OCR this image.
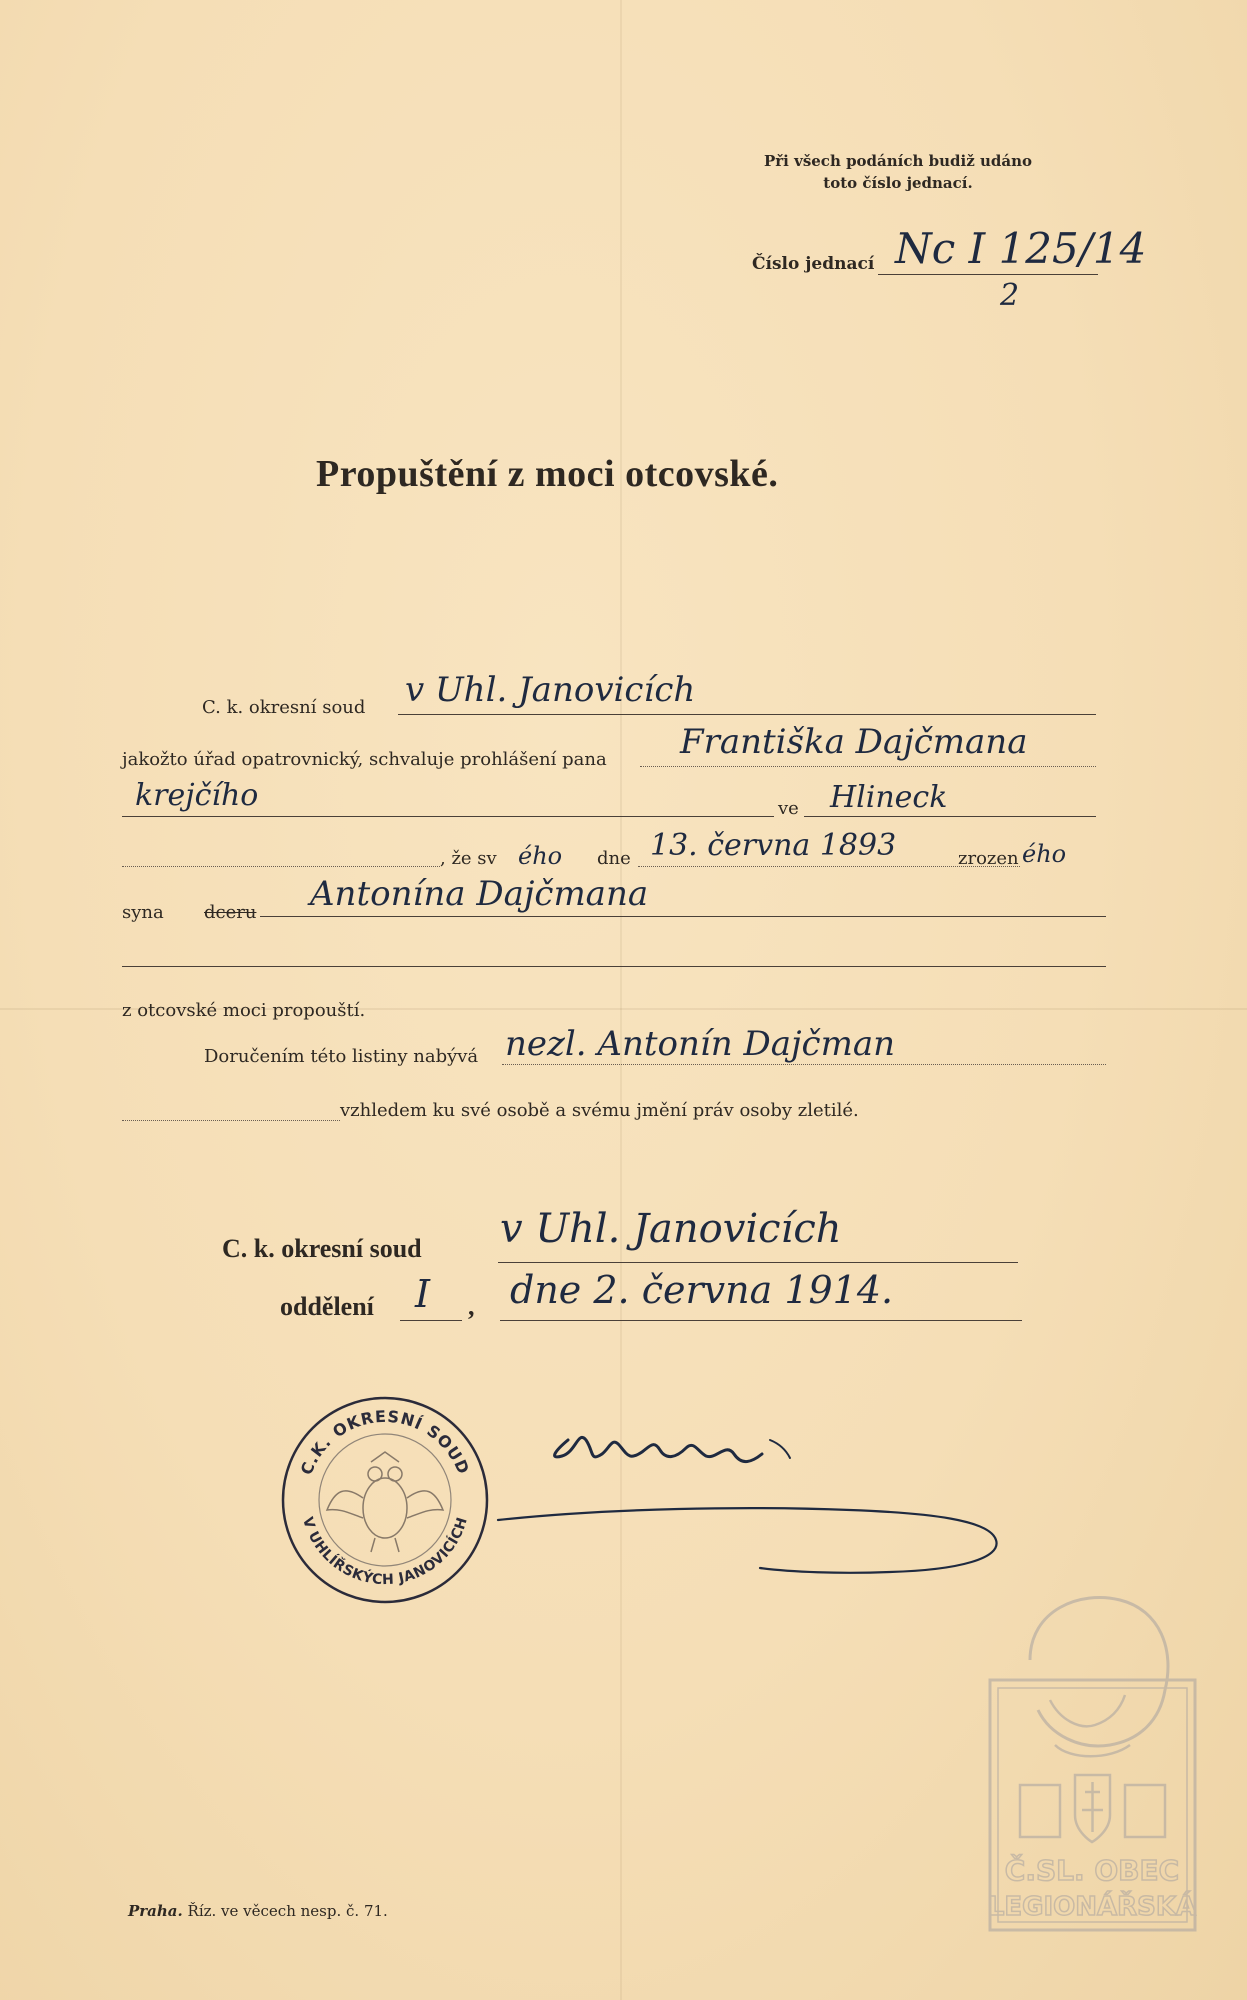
Při všech podáních budiž udáno
toto číslo jednací.
Číslo jednací Nc I 125/14
2
Propuštění z moci otcovské.
C. k. okresní soud v Uhl. Janovicích
jakožto úřad opatrovnický, schvaluje prohlášení pana Františka Dajčmana
krejčího	ve Hlineck
, že sv ého dne 13. června 1893	zrozen ého
syna dceru Antonína Dajčmana
z otcovské moci propouští.
Doručením této listiny nabývá nezl. Antonín Dajčman
vzhledem ku své osobě a svému jmění práv osoby zletilé.
C. k. okresní soud v Uhl. Janovicích
oddělení I , dne 2. června 1914.
C.K. OKRESNÍ SOUD
V UHLÍŘSKÝCH JANOVICÍCH
Praha. Říz. ve věcech nesp. č. 71.
Č.SL. OBEC
LEGIONÁŘSKÁ
